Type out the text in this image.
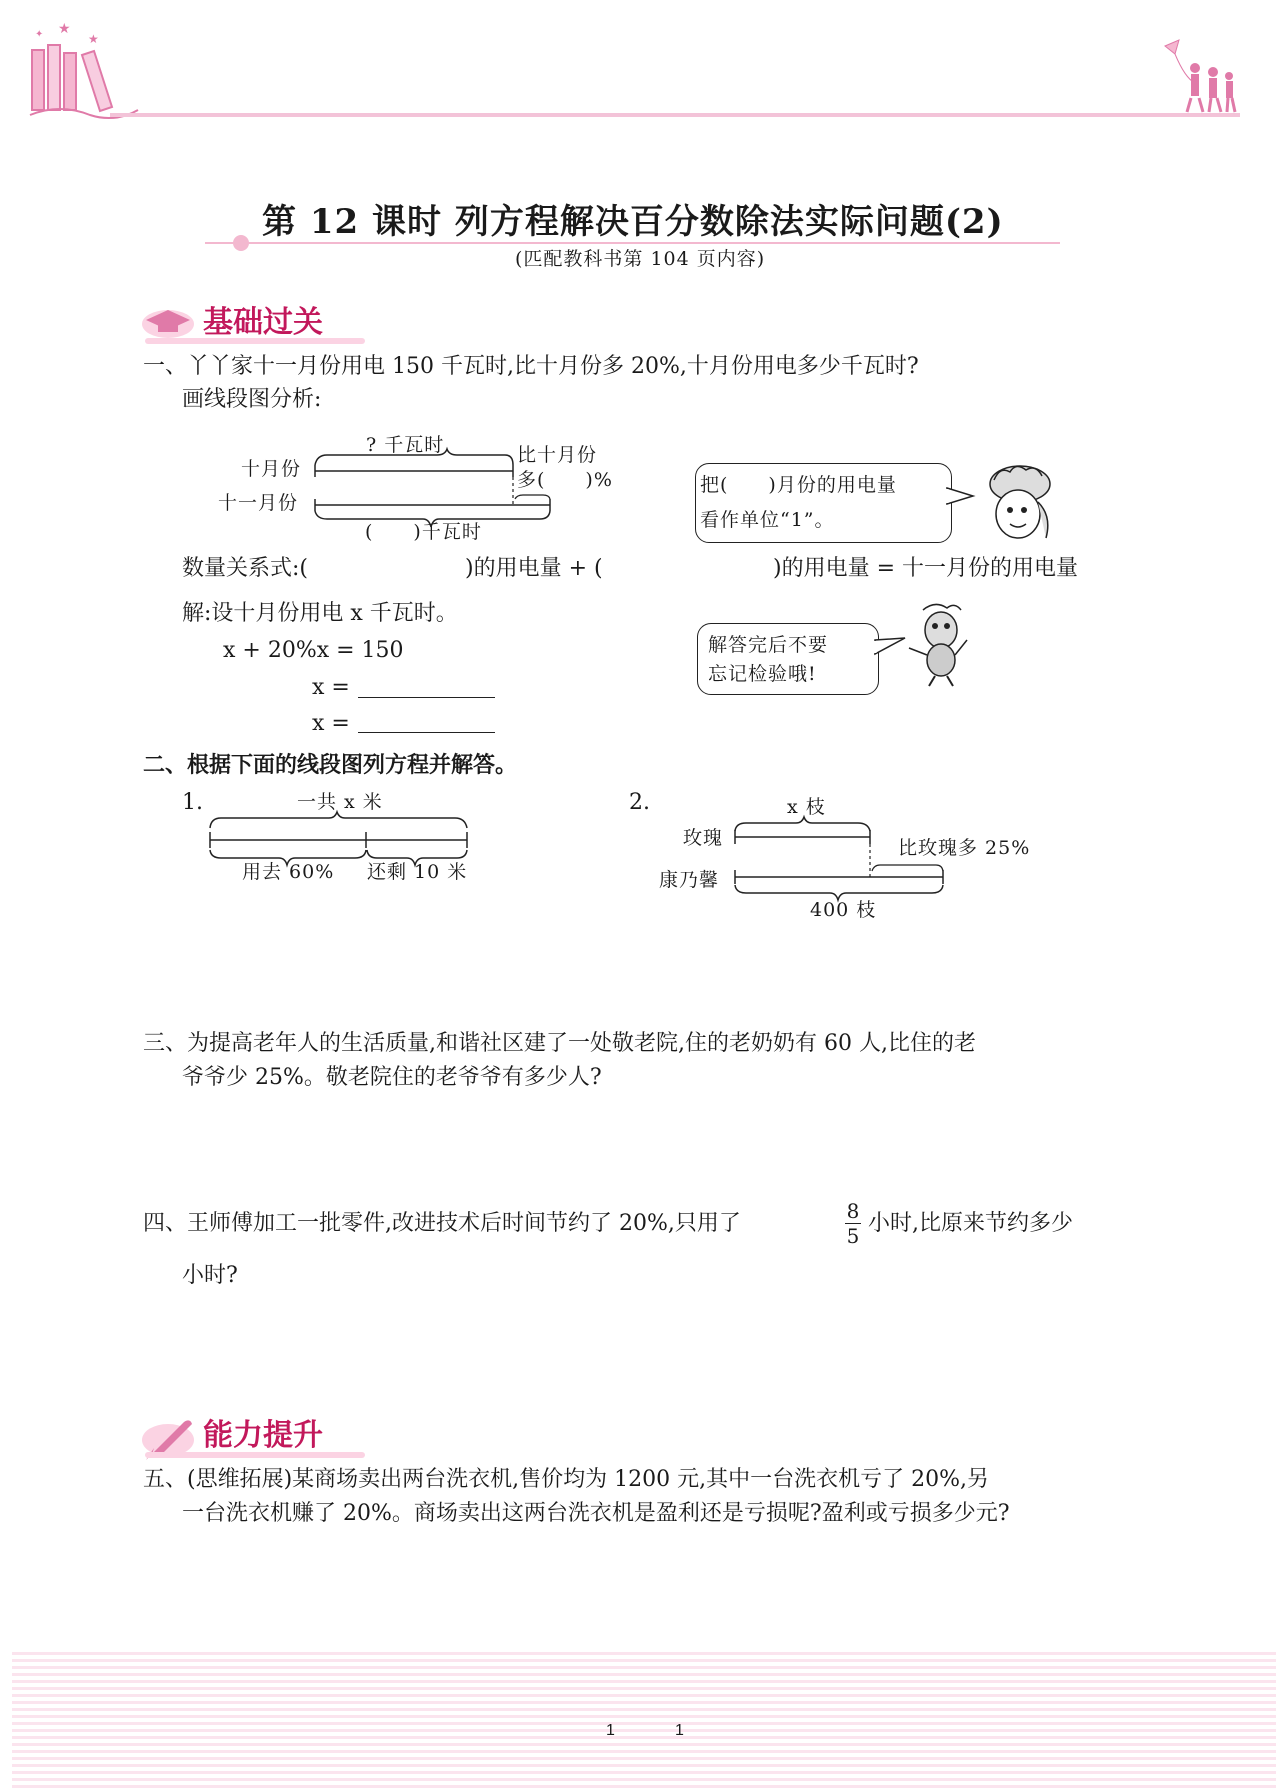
★
★
✦
第 12 课时 列方程解决百分数除法实际问题(2)
(匹配教科书第 104 页内容)
基础过关
一、丫丫家十一月份用电 150 千瓦时,比十月份多 20%,十月份用电多少千瓦时?
画线段图分析:
? 千瓦时
十月份
十一月份
比十月份
多(　　)%
(　　)千瓦时
把(　　)月份的用电量
看作单位“1”。
数量关系式:(	)的用电量 + (	)的用电量 = 十一月份的用电量
解:设十月份用电 x 千瓦时。
x + 20%x = 150
x =
x =
解答完后不要
忘记检验哦!
二、根据下面的线段图列方程并解答。
1.	一共 x 米
用去 60% 还剩 10 米
2.	x 枝
玫瑰
康乃馨
比玫瑰多 25%
400 枝
三、为提高老年人的生活质量,和谐社区建了一处敬老院,住的老奶奶有 60 人,比住的老
爷爷少 25%。敬老院住的老爷爷有多少人?
四、王师傅加工一批零件,改进技术后时间节约了 20%,只用了	8
5 小时,比原来节约多少
小时?
能力提升
五、(思维拓展)某商场卖出两台洗衣机,售价均为 1200 元,其中一台洗衣机亏了 20%,另
一台洗衣机赚了 20%。商场卖出这两台洗衣机是盈利还是亏损呢?盈利或亏损多少元?
1	1
